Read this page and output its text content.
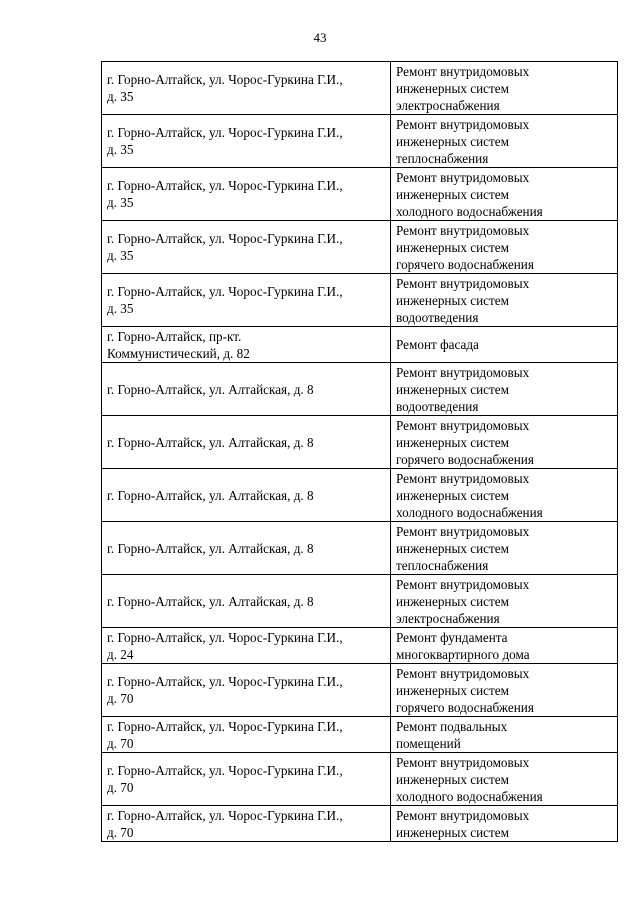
43
г. Горно-Алтайск, ул. Чорос-Гуркина Г.И.,
д. 35	Ремонт внутридомовых
инженерных систем
электроснабжения

г. Горно-Алтайск, ул. Чорос-Гуркина Г.И.,
д. 35	Ремонт внутридомовых
инженерных систем
теплоснабжения

г. Горно-Алтайск, ул. Чорос-Гуркина Г.И.,
д. 35	Ремонт внутридомовых
инженерных систем
холодного водоснабжения

г. Горно-Алтайск, ул. Чорос-Гуркина Г.И.,
д. 35	Ремонт внутридомовых
инженерных систем
горячего водоснабжения

г. Горно-Алтайск, ул. Чорос-Гуркина Г.И.,
д. 35	Ремонт внутридомовых
инженерных систем
водоотведения

г. Горно-Алтайск, пр-кт.
Коммунистический, д. 82	Ремонт фасада

г. Горно-Алтайск, ул. Алтайская, д. 8	Ремонт внутридомовых
инженерных систем
водоотведения

г. Горно-Алтайск, ул. Алтайская, д. 8	Ремонт внутридомовых
инженерных систем
горячего водоснабжения

г. Горно-Алтайск, ул. Алтайская, д. 8	Ремонт внутридомовых
инженерных систем
холодного водоснабжения

г. Горно-Алтайск, ул. Алтайская, д. 8	Ремонт внутридомовых
инженерных систем
теплоснабжения

г. Горно-Алтайск, ул. Алтайская, д. 8	Ремонт внутридомовых
инженерных систем
электроснабжения

г. Горно-Алтайск, ул. Чорос-Гуркина Г.И.,
д. 24	Ремонт фундамента
многоквартирного дома

г. Горно-Алтайск, ул. Чорос-Гуркина Г.И.,
д. 70	Ремонт внутридомовых
инженерных систем
горячего водоснабжения

г. Горно-Алтайск, ул. Чорос-Гуркина Г.И.,
д. 70	Ремонт подвальных
помещений

г. Горно-Алтайск, ул. Чорос-Гуркина Г.И.,
д. 70	Ремонт внутридомовых
инженерных систем
холодного водоснабжения

г. Горно-Алтайск, ул. Чорос-Гуркина Г.И.,
д. 70	Ремонт внутридомовых
инженерных систем
